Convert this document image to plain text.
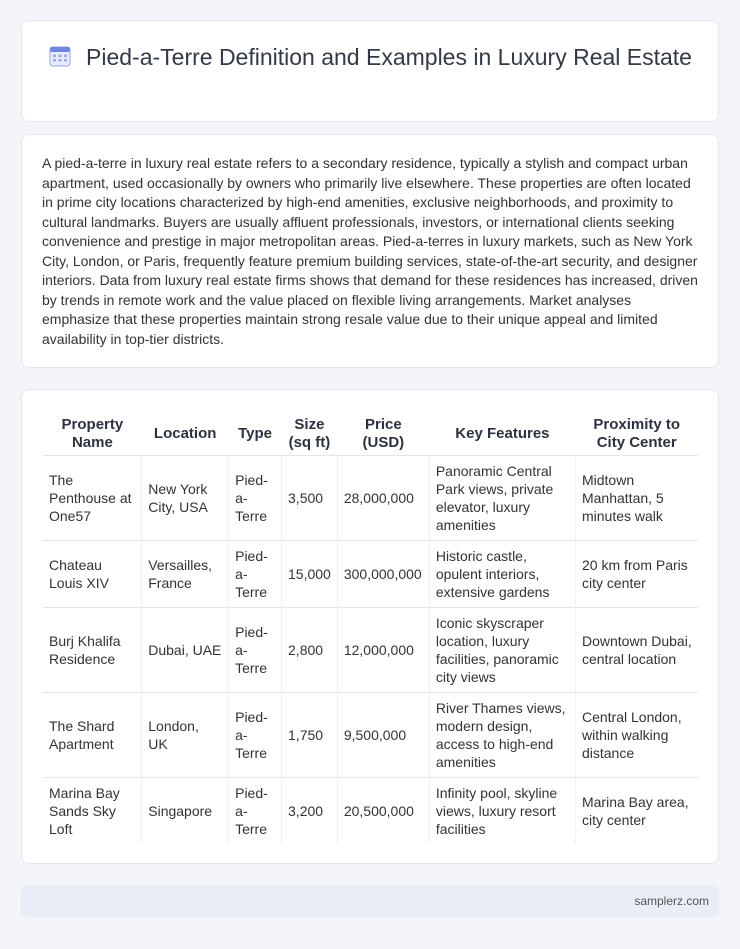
Pied-a-Terre Definition and Examples in Luxury Real Estate

A pied-a-terre in luxury real estate refers to a secondary residence, typically a stylish and compact urban apartment, used occasionally by owners who primarily live elsewhere. These properties are often located in prime city locations characterized by high-end amenities, exclusive neighborhoods, and proximity to cultural landmarks. Buyers are usually affluent professionals, investors, or international clients seeking convenience and prestige in major metropolitan areas. Pied-a-terres in luxury markets, such as New York City, London, or Paris, frequently feature premium building services, state-of-the-art security, and designer interiors. Data from luxury real estate firms shows that demand for these residences has increased, driven by trends in remote work and the value placed on flexible living arrangements. Market analyses emphasize that these properties maintain strong resale value due to their unique appeal and limited availability in top-tier districts.

Property Name	Location	Type	Size (sq ft)	Price (USD)	Key Features	Proximity to City Center
The Penthouse at One57	New York City, USA	Pied-a-Terre	3,500	28,000,000	Panoramic Central Park views, private elevator, luxury amenities	Midtown Manhattan, 5 minutes walk
Chateau Louis XIV	Versailles, France	Pied-a-Terre	15,000	300,000,000	Historic castle, opulent interiors, extensive gardens	20 km from Paris city center
Burj Khalifa Residence	Dubai, UAE	Pied-a-Terre	2,800	12,000,000	Iconic skyscraper location, luxury facilities, panoramic city views	Downtown Dubai, central location
The Shard Apartment	London, UK	Pied-a-Terre	1,750	9,500,000	River Thames views, modern design, access to high-end amenities	Central London, within walking distance
Marina Bay Sands Sky Loft	Singapore	Pied-a-Terre	3,200	20,500,000	Infinity pool, skyline views, luxury resort facilities	Marina Bay area, city center
samplerz.com
